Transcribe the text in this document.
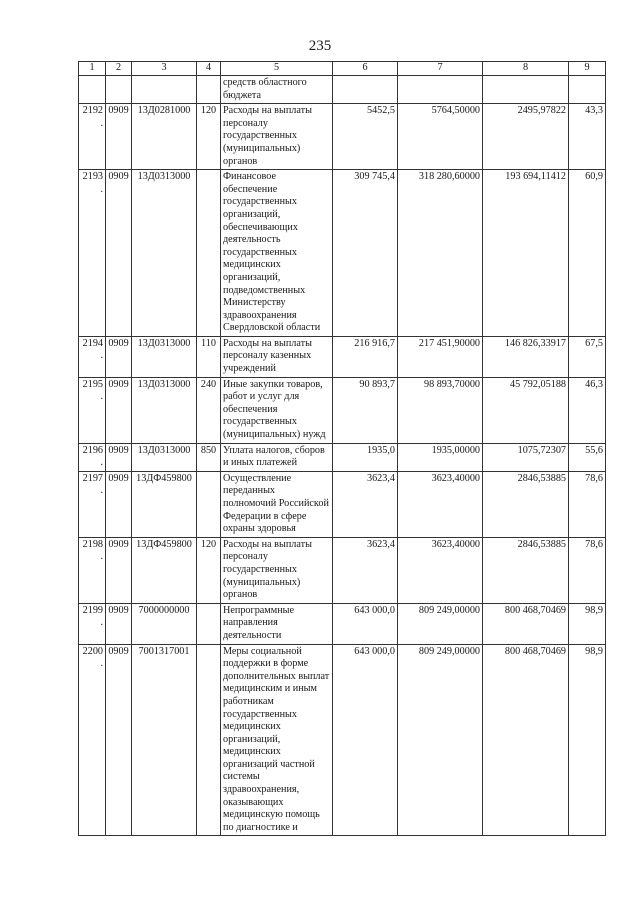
235
1	2	3	4	5	6	7	8	9
				средств областного бюджета				
2192.	0909	13Д0281000	120	Расходы на выплаты персоналу государственных (муниципальных) органов	5452,5	5764,50000	2495,97822	43,3
2193.	0909	13Д0313000		Финансовое обеспечение государственных организаций, обеспечивающих деятельность государственных медицинских организаций, подведомственных Министерству здравоохранения Свердловской области	309 745,4	318 280,60000	193 694,11412	60,9
2194.	0909	13Д0313000	110	Расходы на выплаты персоналу казенных учреждений	216 916,7	217 451,90000	146 826,33917	67,5
2195.	0909	13Д0313000	240	Иные закупки товаров, работ и услуг для обеспечения государственных (муниципальных) нужд	90 893,7	98 893,70000	45 792,05188	46,3
2196.	0909	13Д0313000	850	Уплата налогов, сборов и иных платежей	1935,0	1935,00000	1075,72307	55,6
2197.	0909	13ДФ459800		Осуществление переданных полномочий Российской Федерации в сфере охраны здоровья	3623,4	3623,40000	2846,53885	78,6
2198.	0909	13ДФ459800	120	Расходы на выплаты персоналу государственных (муниципальных) органов	3623,4	3623,40000	2846,53885	78,6
2199.	0909	7000000000		Непрограммные направления деятельности	643 000,0	809 249,00000	800 468,70469	98,9
2200.	0909	7001317001		Меры социальной поддержки в форме дополнительных выплат медицинским и иным работникам государственных медицинских организаций, медицинских организаций частной системы здравоохранения, оказывающих медицинскую помощь по диагностике и	643 000,0	809 249,00000	800 468,70469	98,9
